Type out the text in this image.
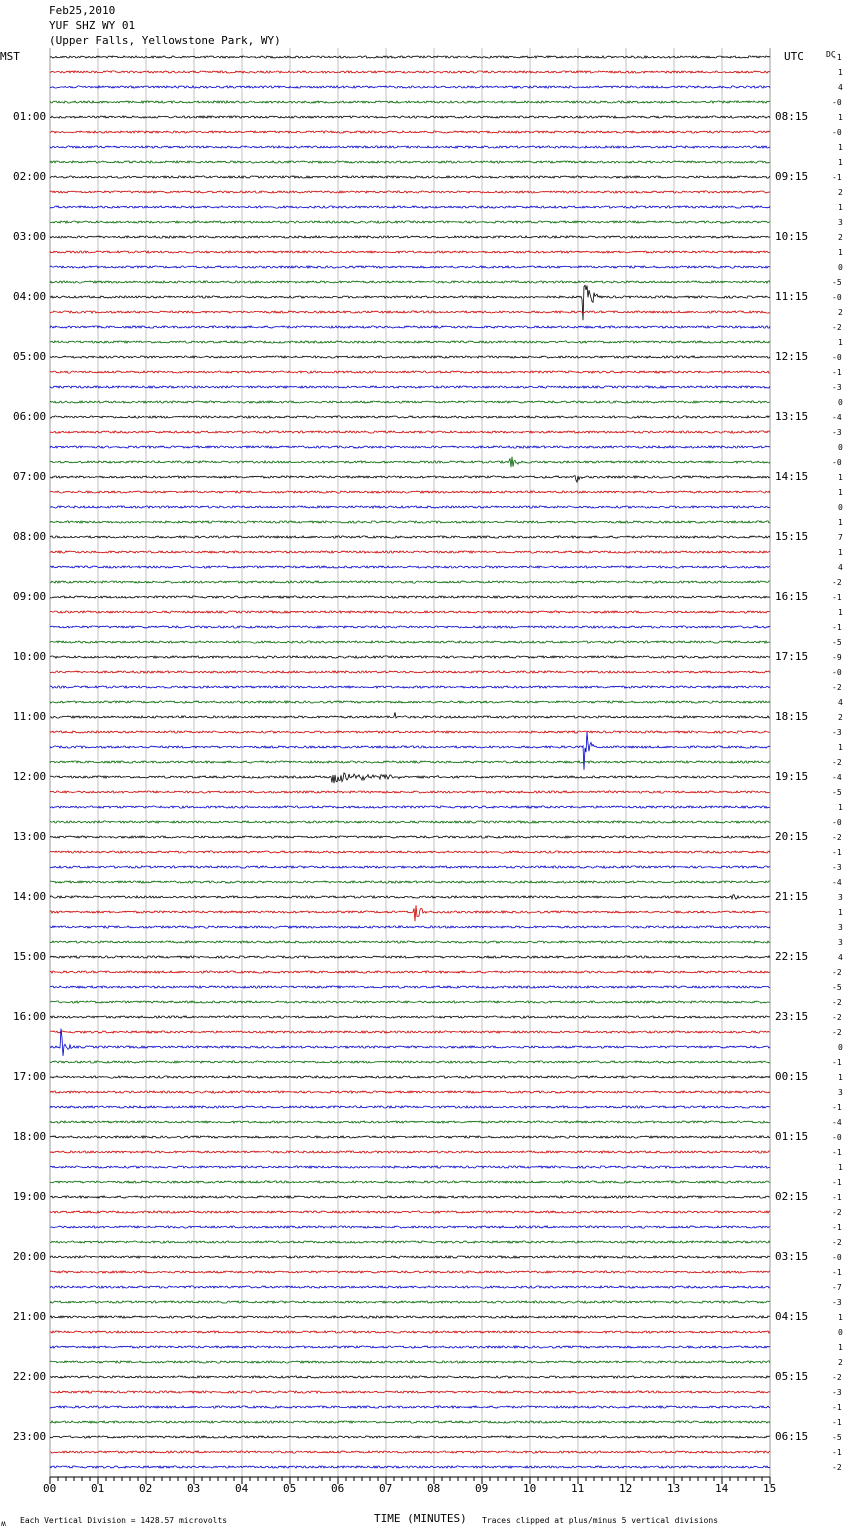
Feb25,2010
YUF SHZ WY 01
(Upper Falls, Yellowstone Park, WY)
MST	DC
01:00
02:00
03:00
04:00
05:00
06:00
07:00
08:00
09:00
10:00
11:00
12:00
13:00
14:00
15:00
16:00
17:00
18:00
19:00
20:00
21:00
22:00
23:00
UTC
08:15
09:15
10:15
11:15
12:15
13:15
14:15
15:15
16:15
17:15
18:15
19:15
20:15
21:15
22:15
23:15
00:15
01:15
02:15
03:15
04:15
05:15
06:15
-1
1
4
-0
1
-0
1
1
-1
2
1
3
2
1
0
-5
-0
2
-2
1
-0
-1
-3
0
-4
-3
0
-0
1
1
0
1
7
1
4
-2
-1
1
-1
-5
-9
-0
-2
4
2
-3
1
-2
-4
-5
1
-0
-2
-1
-3
-4
3
1
3
3
4
-2
-5
-2
-2
-2
0
-1
1
3
-1
-4
-0
-1
1
-1
-1
-2
-1
-2
-0
-1
-7
-3
1
0
1
2
-2
-3
-1
-1
-5
-1
-2
00	01	02	03	04	05	06	07	08	09	10	11	12	13	14	15
ʍ Each Vertical Division = 1428.57 microvolts	TIME (MINUTES) Traces clipped at plus/minus 5 vertical divisions
